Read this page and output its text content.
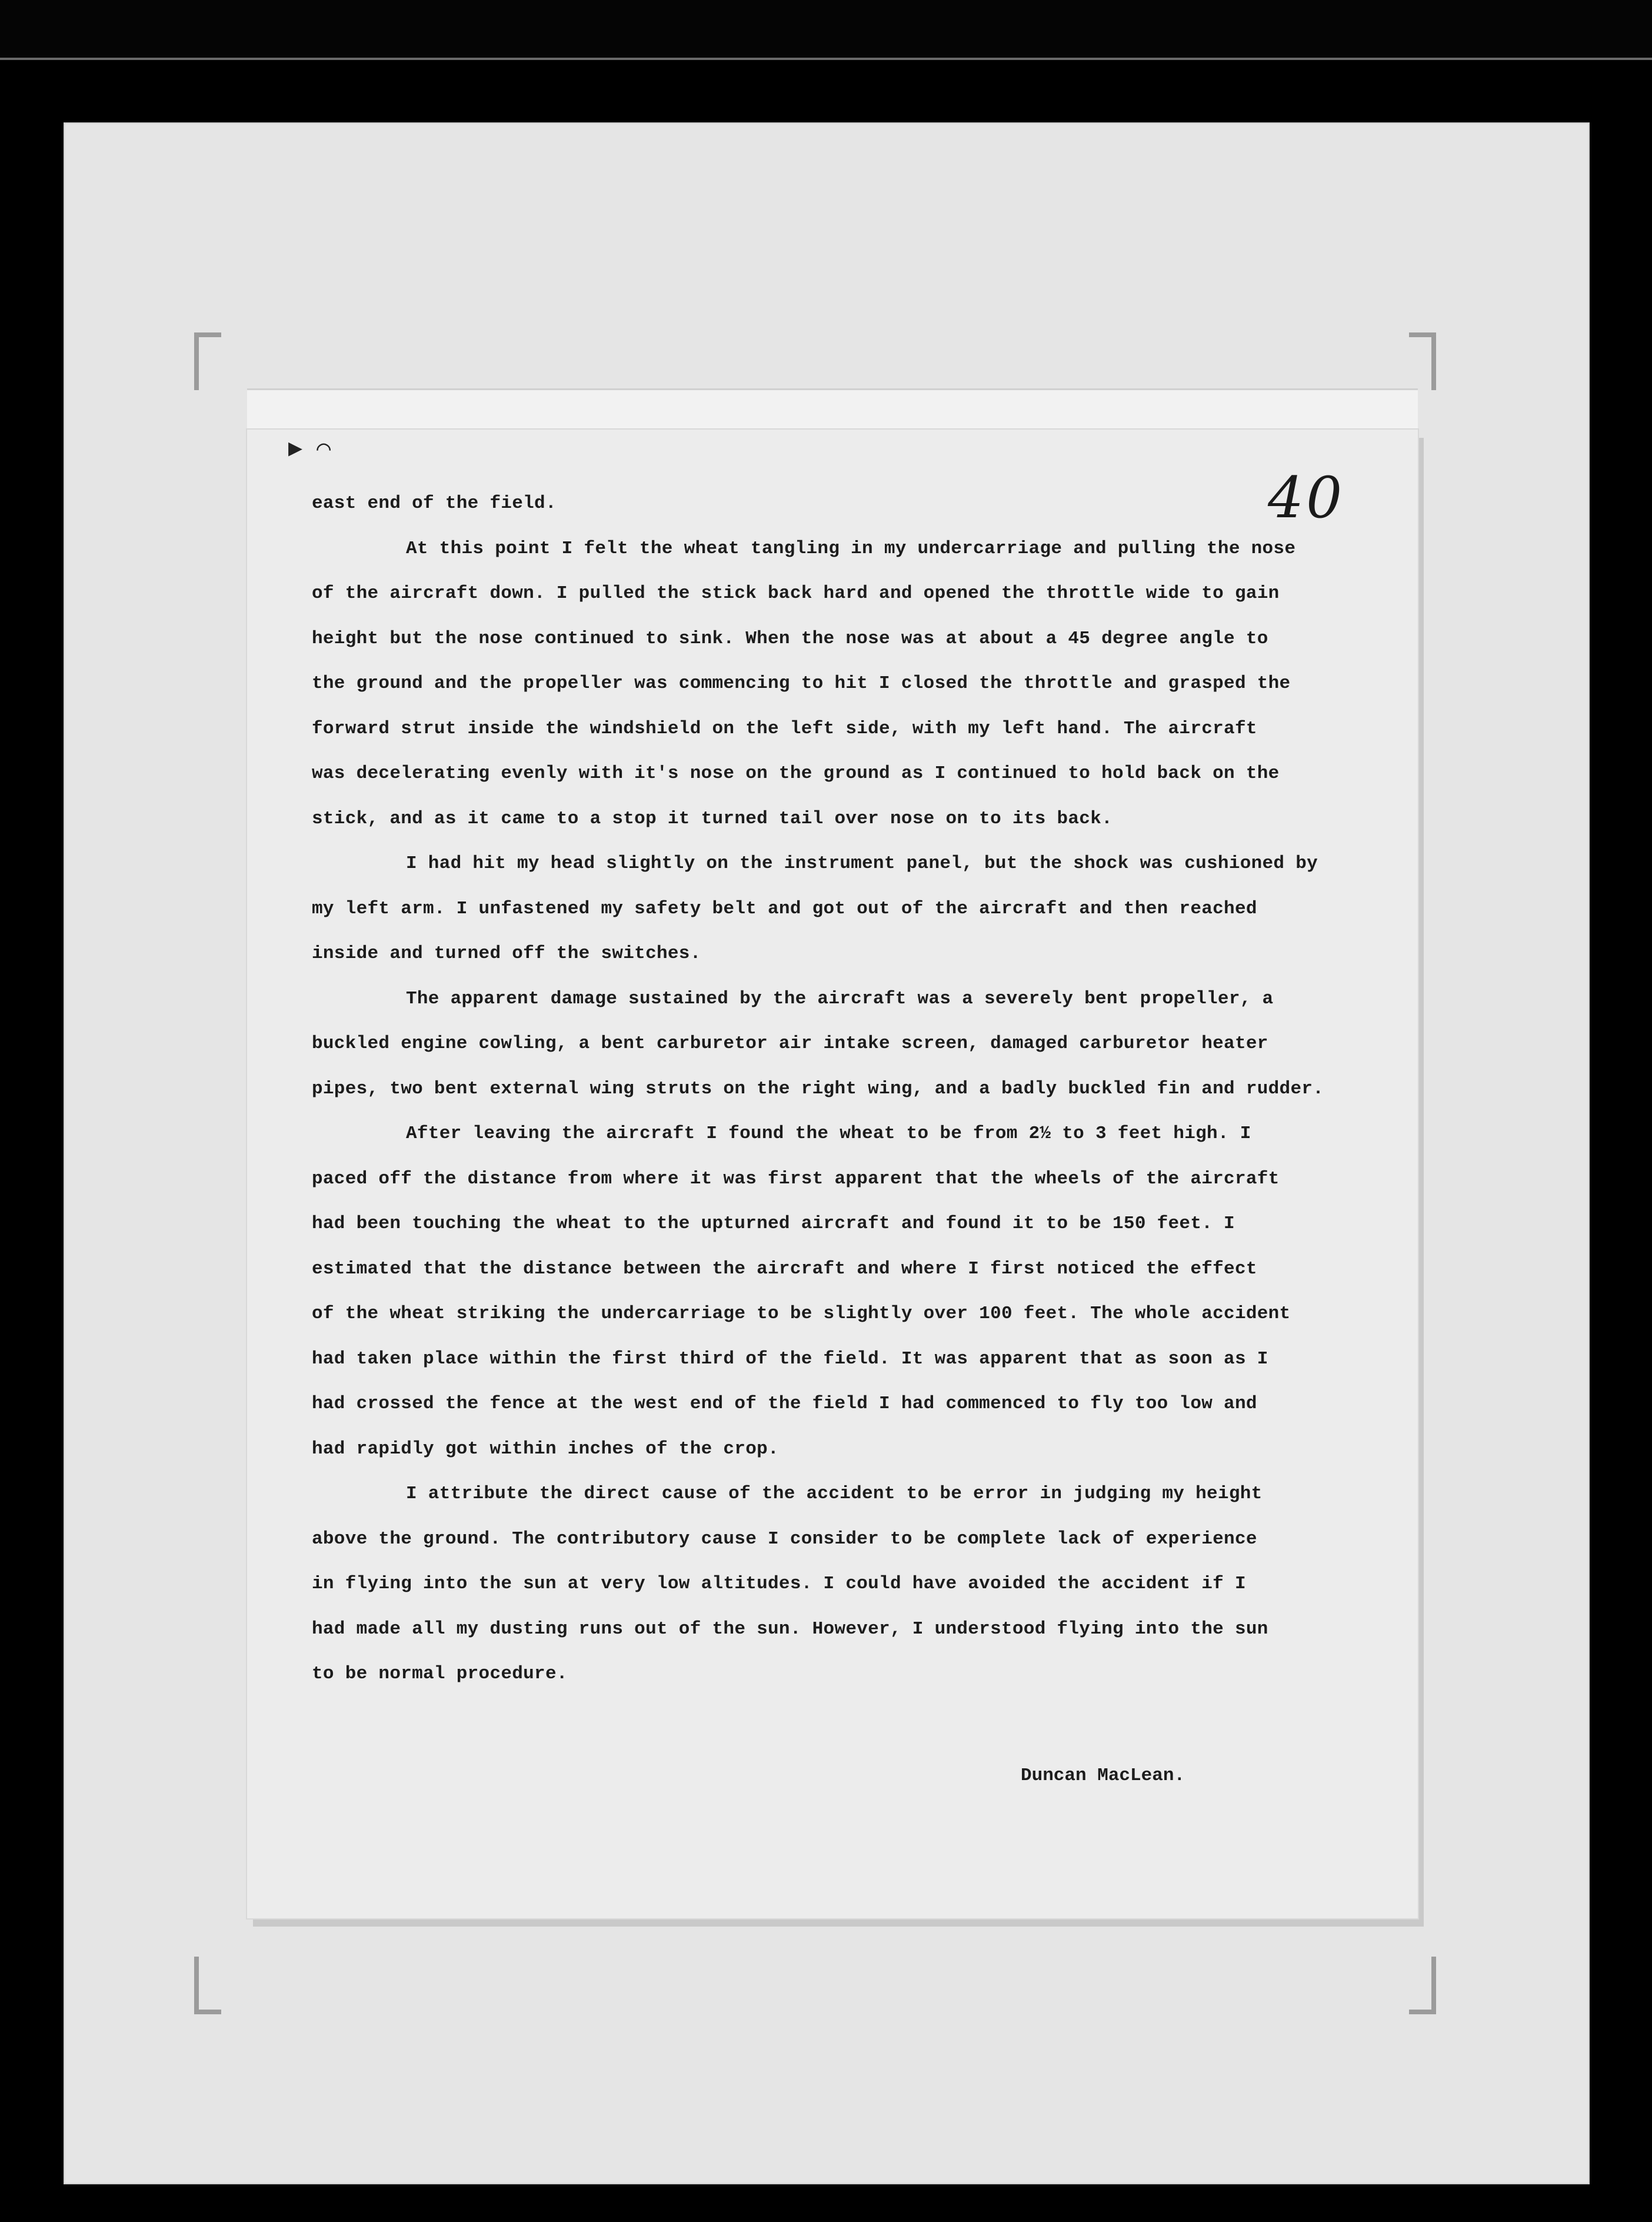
▶ ⌒
40

east end of the field.

At this point I felt the wheat tangling in my undercarriage and pulling the nose
of the aircraft down. I pulled the stick back hard and opened the throttle wide to gain
height but the nose continued to sink. When the nose was at about a 45 degree angle to
the ground and the propeller was commencing to hit I closed the throttle and grasped the
forward strut inside the windshield on the left side, with my left hand. The aircraft
was decelerating evenly with it's nose on the ground as I continued to hold back on the
stick, and as it came to a stop it turned tail over nose on to its back.

I had hit my head slightly on the instrument panel, but the shock was cushioned by
my left arm. I unfastened my safety belt and got out of the aircraft and then reached
inside and turned off the switches.

The apparent damage sustained by the aircraft was a severely bent propeller, a
buckled engine cowling, a bent carburetor air intake screen, damaged carburetor heater
pipes, two bent external wing struts on the right wing, and a badly buckled fin and rudder.

After leaving the aircraft I found the wheat to be from 2½ to 3 feet high. I
paced off the distance from where it was first apparent that the wheels of the aircraft
had been touching the wheat to the upturned aircraft and found it to be 150 feet. I
estimated that the distance between the aircraft and where I first noticed the effect
of the wheat striking the undercarriage to be slightly over 100 feet. The whole accident
had taken place within the first third of the field. It was apparent that as soon as I
had crossed the fence at the west end of the field I had commenced to fly too low and
had rapidly got within inches of the crop.

I attribute the direct cause of the accident to be error in judging my height
above the ground. The contributory cause I consider to be complete lack of experience
in flying into the sun at very low altitudes. I could have avoided the accident if I
had made all my dusting runs out of the sun. However, I understood flying into the sun
to be normal procedure.

Duncan MacLean.
